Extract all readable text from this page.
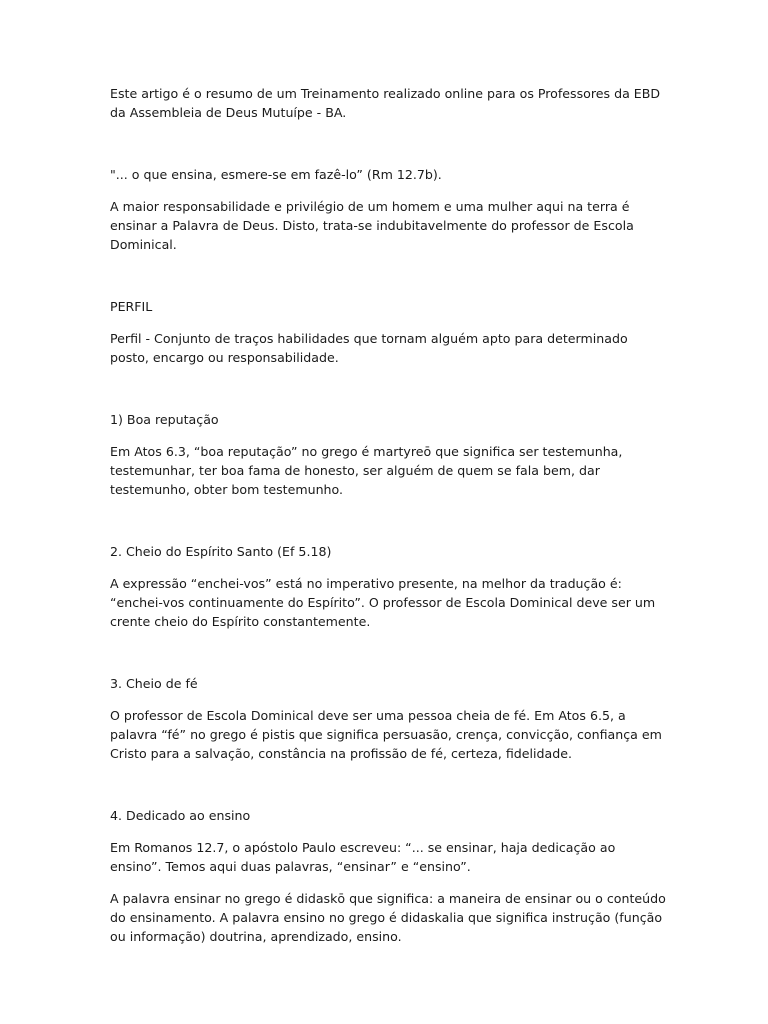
Este artigo é o resumo de um Treinamento realizado online para os Professores da EBD da Assembleia de Deus Mutuípe - BA.

"... o que ensina, esmere-se em fazê-lo” (Rm 12.7b).

A maior responsabilidade e privilégio de um homem e uma mulher aqui na terra é ensinar a Palavra de Deus. Disto, trata-se indubitavelmente do professor de Escola Dominical.

PERFIL

Perfil - Conjunto de traços habilidades que tornam alguém apto para determinado posto, encargo ou responsabilidade.

1) Boa reputação

Em Atos 6.3, “boa reputação” no grego é martyreō que significa ser testemunha, testemunhar, ter boa fama de honesto, ser alguém de quem se fala bem, dar testemunho, obter bom testemunho.

2. Cheio do Espírito Santo (Ef 5.18)

A expressão “enchei-vos” está no imperativo presente, na melhor da tradução é: “enchei-vos continuamente do Espírito”. O professor de Escola Dominical deve ser um crente cheio do Espírito constantemente.

3. Cheio de fé

O professor de Escola Dominical deve ser uma pessoa cheia de fé. Em Atos 6.5, a palavra “fé” no grego é pistis que significa persuasão, crença, convicção, confiança em Cristo para a salvação, constância na profissão de fé, certeza, fidelidade.

4. Dedicado ao ensino

Em Romanos 12.7, o apóstolo Paulo escreveu: “... se ensinar, haja dedicação ao ensino”. Temos aqui duas palavras, “ensinar” e “ensino”.

A palavra ensinar no grego é didaskō que significa: a maneira de ensinar ou o conteúdo do ensinamento. A palavra ensino no grego é didaskalia que significa instrução (função ou informação) doutrina, aprendizado, ensino.
